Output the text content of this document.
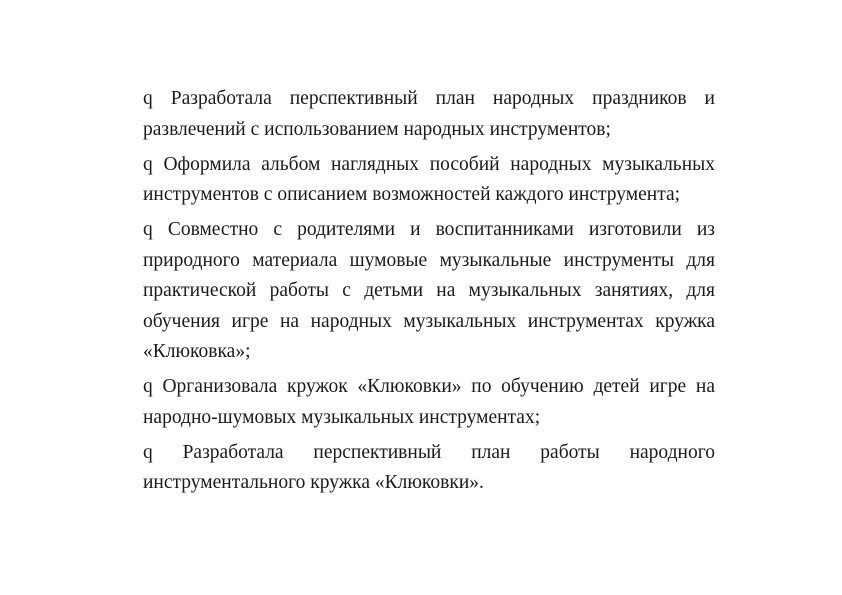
q Разработала перспективный план народных праздников и развлечений с использованием народных инструментов;

q Оформила альбом наглядных пособий народных музыкальных инструментов с описанием возможностей каждого инструмента;

q Совместно с родителями и воспитанниками изготовили из природного материала шумовые музыкальные инструменты для практической работы с детьми на музыкальных занятиях, для обучения игре на народных музыкальных инструментах кружка «Клюковка»;

q Организовала кружок «Клюковки» по обучению детей игре на народно-шумовых музыкальных инструментах;

q Разработала перспективный план работы народного инструментального кружка «Клюковки».
